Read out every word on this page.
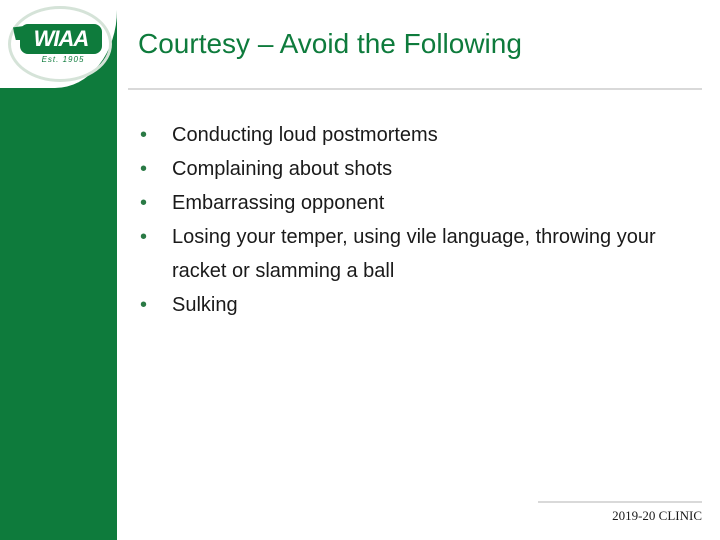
WIAA
Est. 1905
Courtesy – Avoid the Following
• Conducting loud postmortems
• Complaining about shots
• Embarrassing opponent
• Losing your temper, using vile language, throwing your racket or slamming a ball
• Sulking
2019-20 CLINIC
